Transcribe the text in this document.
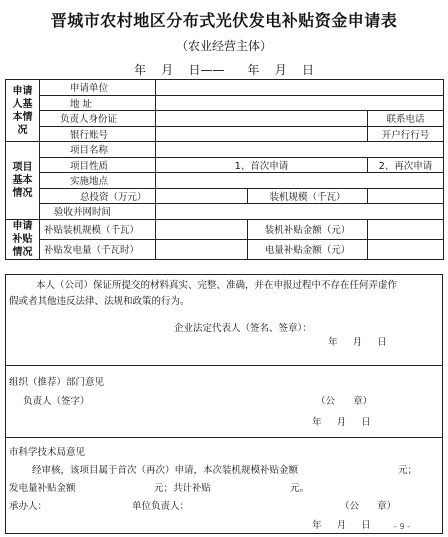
晋城市农村地区分布式光伏发电补贴资金申请表
（农业经营主体）
年    月    日——      年    月    日
申请人基本情况	申请单位			
	地 址			
	负责人身份证			联系电话
	银行账号			开户行行号
项目基本情况	项目名称			
	项目性质	1、首次申请		2、再次申请
	实施地点			
	总投资（万元）		装机规模（千瓦）	
	验收并网时间			
申请补贴情况	补贴装机规模（千瓦）		装机补贴金额（元）	
	补贴发电量（千瓦时）		电量补贴金额（元）	
本人（公司）保证所提交的材料真实、完整、准确，并在申报过程中不存在任何弄虚作
假或者其他违反法律、法规和政策的行为。
企业法定代表人（签名、签章）：
年     月     日
组织（推荐）部门意见
负责人（签字）	（公      章）
年     月     日
市科学技术局意见
经审核，该项目属于首次（再次）申请，本次装机规模补贴金额	元；
发电量补贴金额	元；共计补贴	元。
承办人：	单位负责人：	（公      章）
年     月     日	- 9 -
